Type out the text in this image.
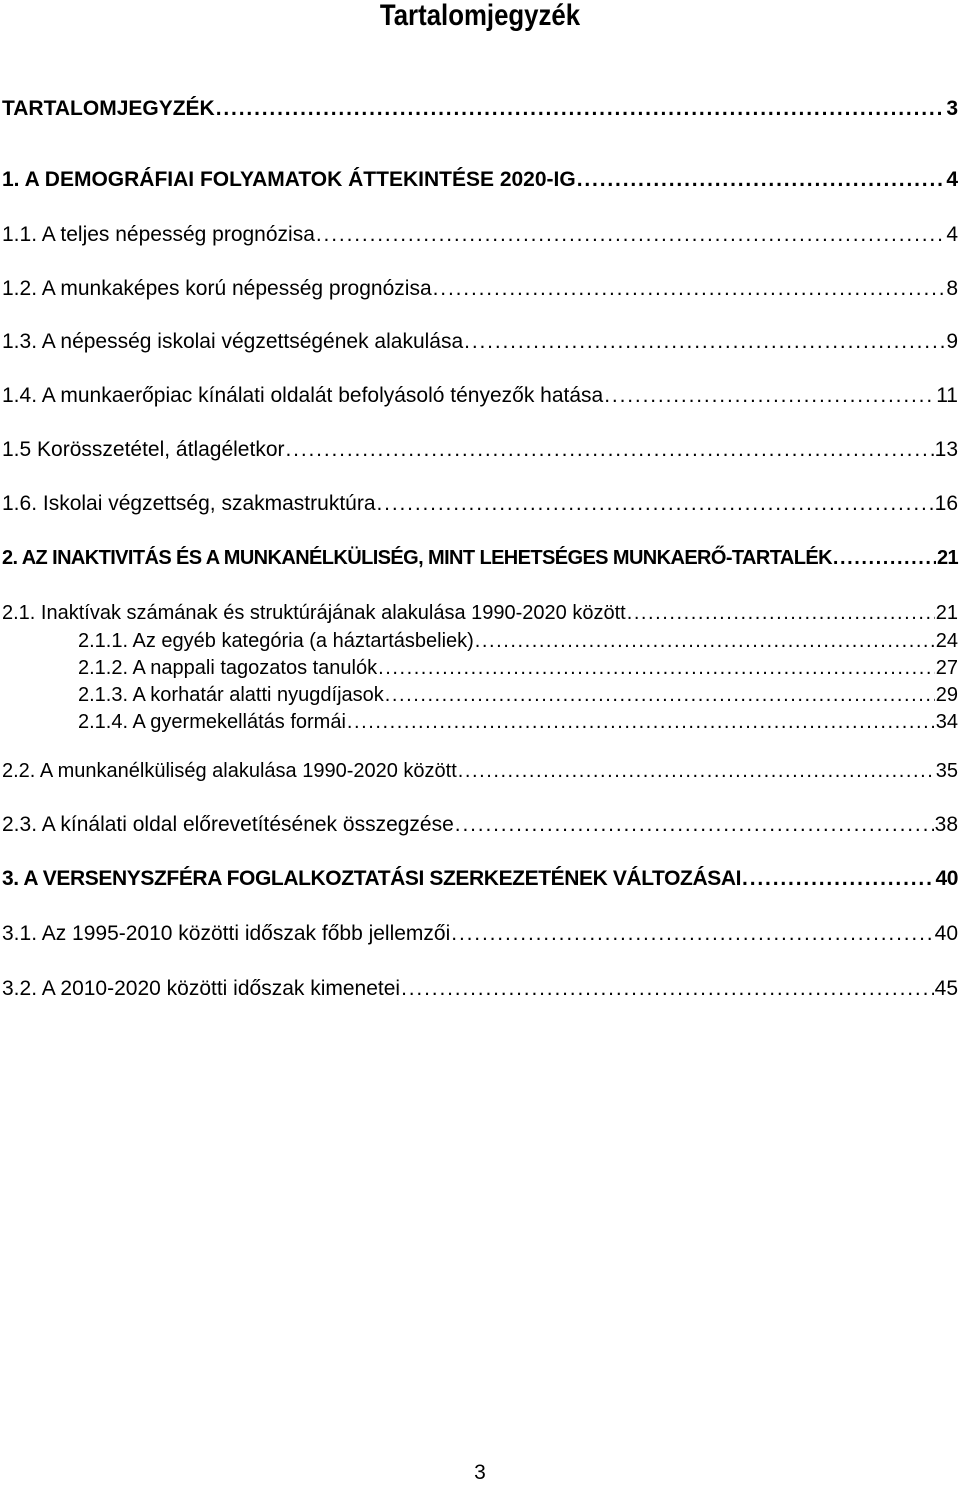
Tartalomjegyzék
TARTALOMJEGYZÉK . . .	3
1. A DEMOGRÁFIAI FOLYAMATOK ÁTTEKINTÉSE 2020-IG . . .	4
1.1. A teljes népesség prognózisa . . .	4
1.2. A munkaképes korú népesség prognózisa . . .	8
1.3. A népesség iskolai végzettségének alakulása . . .	9
1.4. A munkaerőpiac kínálati oldalát befolyásoló tényezők hatása . . .	11
1.5 Korösszetétel, átlagéletkor . . .	13
1.6. Iskolai végzettség, szakmastruktúra . . .	16
2. AZ INAKTIVITÁS ÉS A MUNKANÉLKÜLISÉG, MINT LEHETSÉGES MUNKAERŐ-TARTALÉK . . .	21
2.1. Inaktívak számának és struktúrájának alakulása 1990-2020 között . . .	21
2.1.1. Az egyéb kategória (a háztartásbeliek) . . .	24
2.1.2. A nappali tagozatos tanulók . . .	27
2.1.3. A korhatár alatti nyugdíjasok . . .	29
2.1.4. A gyermekellátás formái . . .	34
2.2. A munkanélküliség alakulása 1990-2020 között . . .	35
2.3. A kínálati oldal előrevetítésének összegzése . . .	38
3. A VERSENYSZFÉRA FOGLALKOZTATÁSI SZERKEZETÉNEK VÁLTOZÁSAI . . .	40
3.1. Az 1995-2010 közötti időszak főbb jellemzői . . .	40
3.2. A 2010-2020 közötti időszak kimenetei . . .	45
3
